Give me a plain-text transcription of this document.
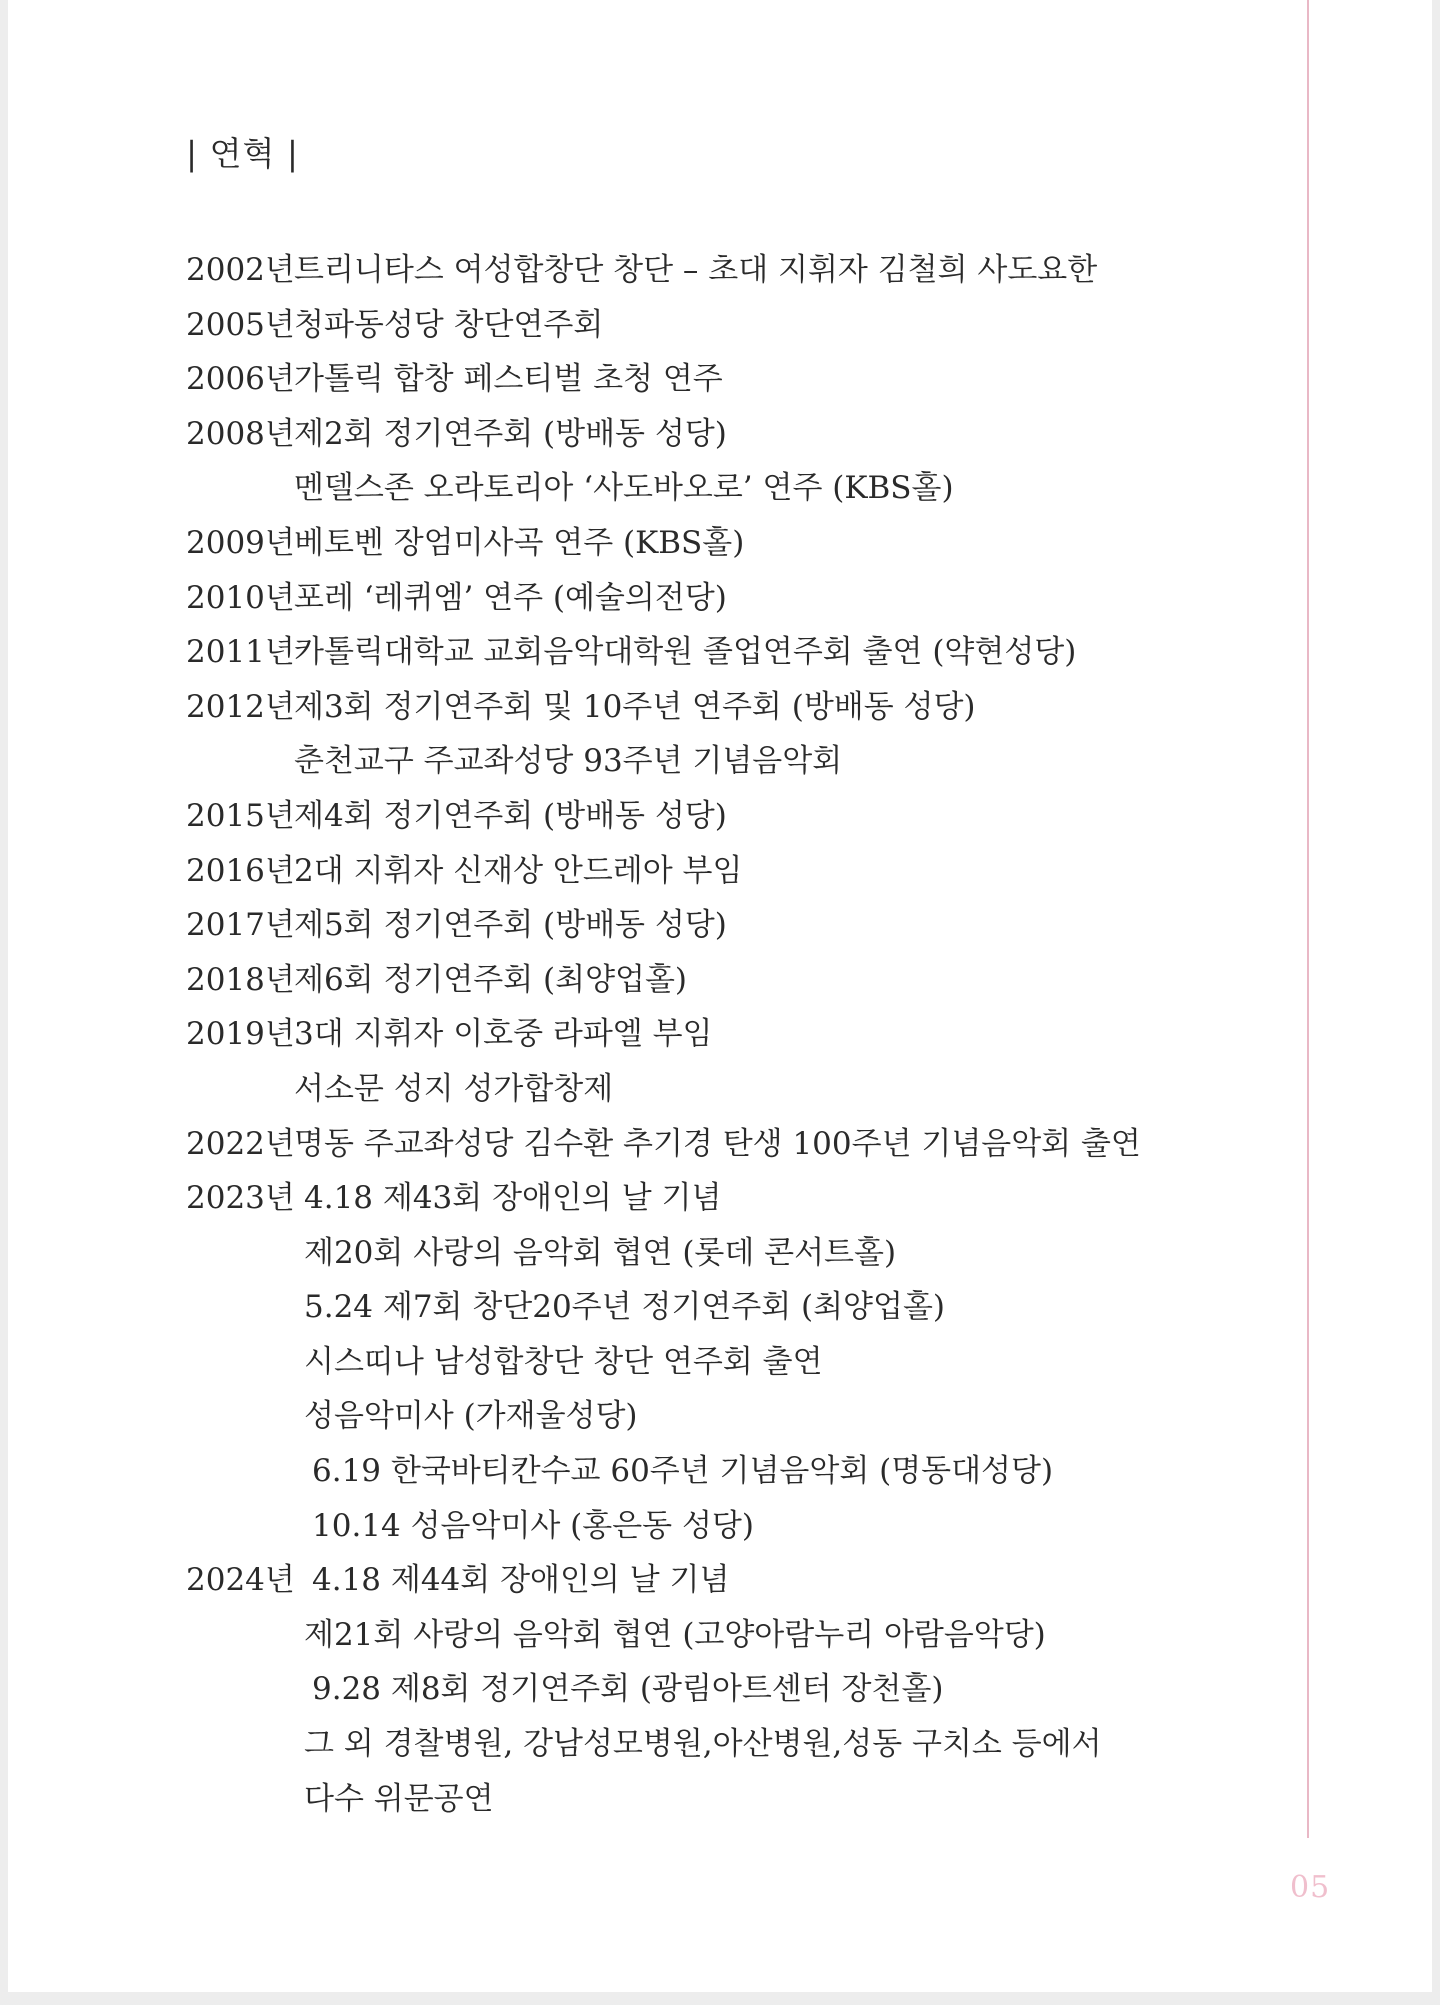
| 연혁 |
2002년 트리니타스 여성합창단 창단 – 초대 지휘자 김철희 사도요한
2005년 청파동성당 창단연주회
2006년 가톨릭 합창 페스티벌 초청 연주
2008년 제2회 정기연주회 (방배동 성당)
멘델스존 오라토리아 ‘사도바오로’ 연주 (KBS홀)
2009년 베토벤 장엄미사곡 연주 (KBS홀)
2010년 포레 ‘레퀴엠’ 연주 (예술의전당)
2011년 카톨릭대학교 교회음악대학원 졸업연주회 출연 (약현성당)
2012년 제3회 정기연주회 및 10주년 연주회 (방배동 성당)
춘천교구 주교좌성당 93주년 기념음악회
2015년 제4회 정기연주회 (방배동 성당)
2016년 2대 지휘자 신재상 안드레아 부임
2017년 제5회 정기연주회 (방배동 성당)
2018년 제6회 정기연주회 (최양업홀)
2019년 3대 지휘자 이호중 라파엘 부임
서소문 성지 성가합창제
2022년 명동 주교좌성당 김수환 추기경 탄생 100주년 기념음악회 출연
2023년 4.18 제43회 장애인의 날 기념
제20회 사랑의 음악회 협연 (롯데 콘서트홀)
5.24 제7회 창단20주년 정기연주회 (최양업홀)
시스띠나 남성합창단 창단 연주회 출연
성음악미사 (가재울성당)
6.19 한국바티칸수교 60주년 기념음악회 (명동대성당)
10.14 성음악미사 (홍은동 성당)
2024년 4.18 제44회 장애인의 날 기념
제21회 사랑의 음악회 협연 (고양아람누리 아람음악당)
9.28 제8회 정기연주회 (광림아트센터 장천홀)
그 외 경찰병원, 강남성모병원,아산병원,성동 구치소 등에서
다수 위문공연
05
